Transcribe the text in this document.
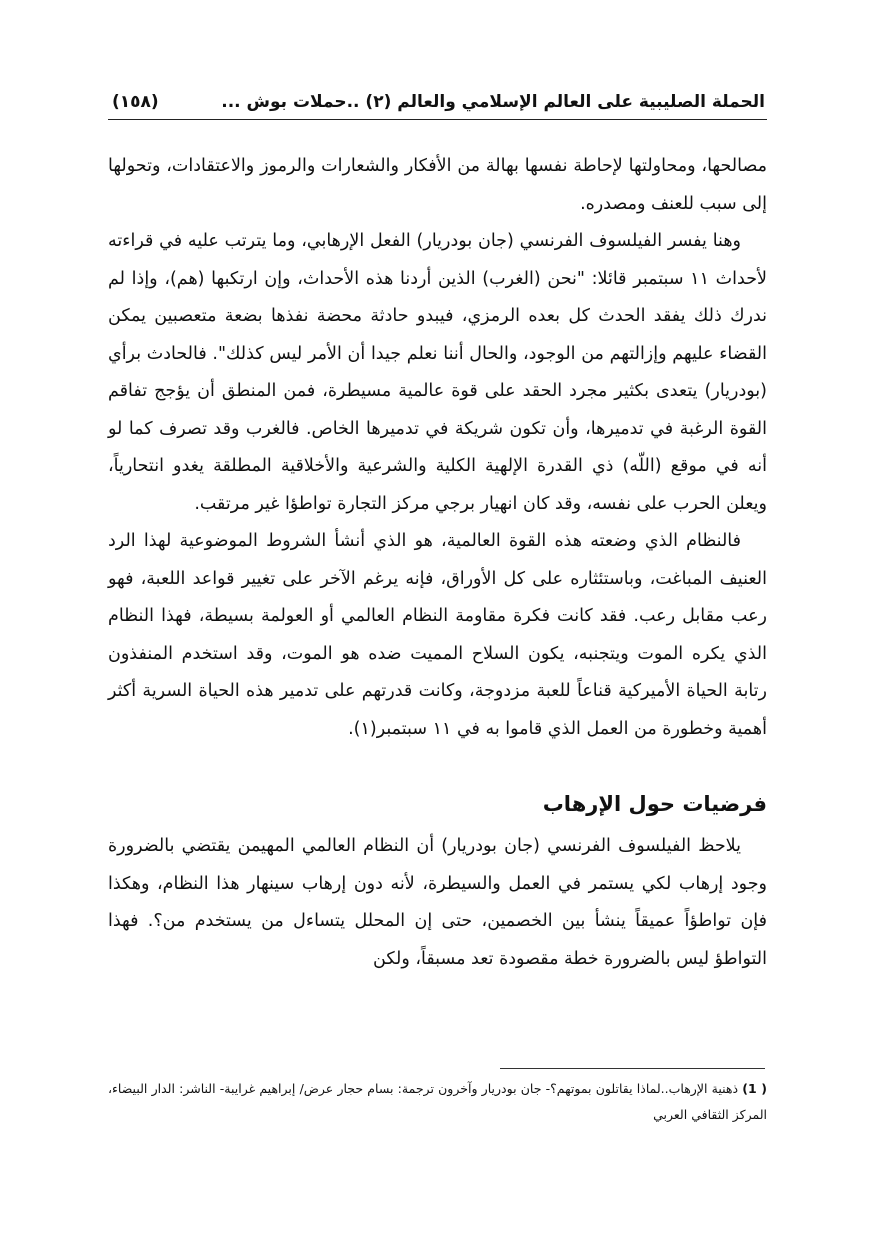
الحملة الصليبية على العالم الإسلامي والعالم (٢) ..حملات بوش ...
(١٥٨)

مصالحها، ومحاولتها لإحاطة نفسها بهالة من الأفكار والشعارات والرموز والاعتقادات، وتحولها إلى سبب للعنف ومصدره.

وهنا يفسر الفيلسوف الفرنسي (جان بودريار) الفعل الإرهابي، وما يترتب عليه في قراءته لأحداث ١١ سبتمبر قائلا: "نحن (الغرب) الذين أردنا هذه الأحداث، وإن ارتكبها (هم)، وإذا لم ندرك ذلك يفقد الحدث كل بعده الرمزي، فيبدو حادثة محضة نفذها بضعة متعصبين يمكن القضاء عليهم وإزالتهم من الوجود، والحال أننا نعلم جيدا أن الأمر ليس كذلك". فالحادث برأي (بودريار) يتعدى بكثير مجرد الحقد على قوة عالمية مسيطرة، فمن المنطق أن يؤجج تفاقم القوة الرغبة في تدميرها، وأن تكون شريكة في تدميرها الخاص. فالغرب وقد تصرف كما لو أنه في موقع (اللّه) ذي القدرة الإلهية الكلية والشرعية والأخلاقية المطلقة يغدو انتحارياً، ويعلن الحرب على نفسه، وقد كان انهيار برجي مركز التجارة تواطؤا غير مرتقب.

فالنظام الذي وضعته هذه القوة العالمية، هو الذي أنشأ الشروط الموضوعية لهذا الرد العنيف المباغت، وباستئثاره على كل الأوراق، فإنه يرغم الآخر على تغيير قواعد اللعبة، فهو رعب مقابل رعب. فقد كانت فكرة مقاومة النظام العالمي أو العولمة بسيطة، فهذا النظام الذي يكره الموت ويتجنبه، يكون السلاح المميت ضده هو الموت، وقد استخدم المنفذون رتابة الحياة الأميركية قناعاً للعبة مزدوجة، وكانت قدرتهم على تدمير هذه الحياة السرية أكثر أهمية وخطورة من العمل الذي قاموا به في ١١ سبتمبر(١).

فرضيات حول الإرهاب

يلاحظ الفيلسوف الفرنسي (جان بودريار) أن النظام العالمي المهيمن يقتضي بالضرورة وجود إرهاب لكي يستمر في العمل والسيطرة، لأنه دون إرهاب سينهار هذا النظام، وهكذا فإن تواطؤاً عميقاً ينشأ بين الخصمين، حتى إن المحلل يتساءل من يستخدم من؟. فهذا التواطؤ ليس بالضرورة خطة مقصودة تعد مسبقاً، ولكن

( 1) ذهنية الإرهاب..لماذا يقاتلون بموتهم؟- جان بودريار وآخرون ترجمة: بسام حجار عرض/ إبراهيم غرايبة- الناشر: الدار البيضاء، المركز الثقافي العربي
